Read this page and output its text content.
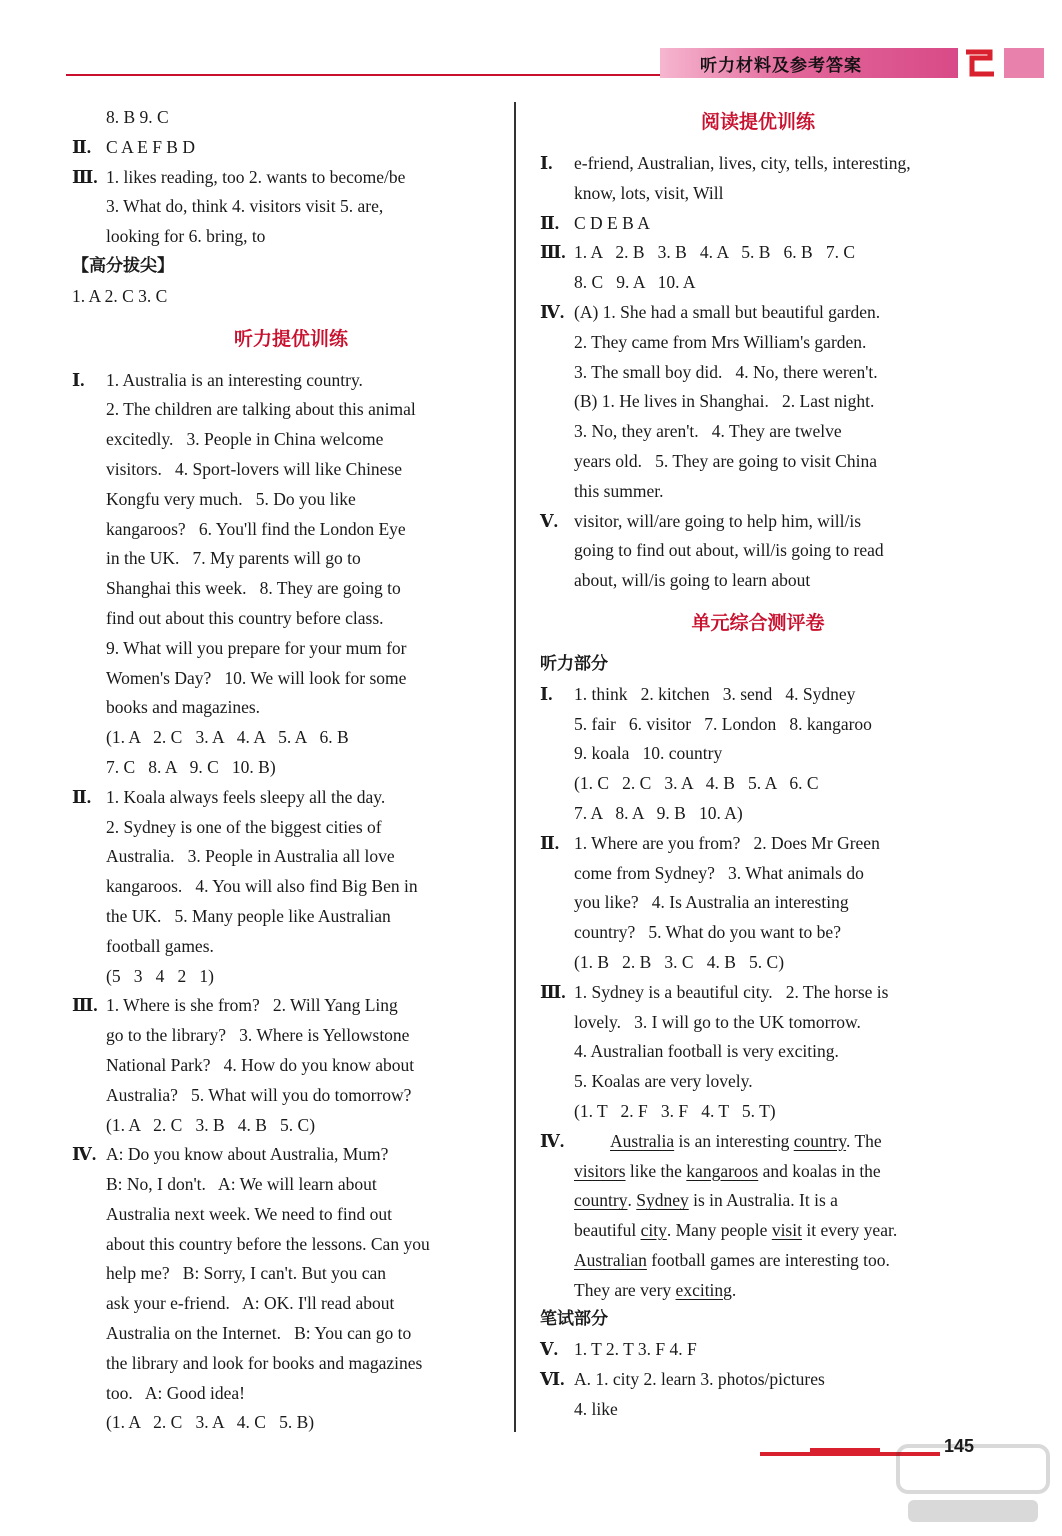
听力材料及参考答案
8. B 9. C
Ⅱ. C A E F B D
Ⅲ. 1. likes reading, too 2. wants to become/be
3. What do, think 4. visitors visit 5. are,
looking for 6. bring, to
【高分拔尖】
1. A 2. C 3. C
听力提优训练
Ⅰ.	1. Australia is an interesting country.
2. The children are talking about this animal
excitedly.   3. People in China welcome
visitors.   4. Sport-lovers will like Chinese
Kongfu very much.   5. Do you like
kangaroos?   6. You'll find the London Eye
in the UK.   7. My parents will go to
Shanghai this week.   8. They are going to
find out about this country before class.
9. What will you prepare for your mum for
Women's Day?   10. We will look for some
books and magazines.
(1. A   2. C   3. A   4. A   5. A   6. B
7. C   8. A   9. C   10. B)
Ⅱ. 1. Koala always feels sleepy all the day.
2. Sydney is one of the biggest cities of
Australia.   3. People in Australia all love
kangaroos.   4. You will also find Big Ben in
the UK.   5. Many people like Australian
football games.
(5   3   4   2   1)
Ⅲ. 1. Where is she from?   2. Will Yang Ling
go to the library?   3. Where is Yellowstone
National Park?   4. How do you know about
Australia?   5. What will you do tomorrow?
(1. A   2. C   3. B   4. B   5. C)
Ⅳ. A: Do you know about Australia, Mum?
B: No, I don't.   A: We will learn about
Australia next week. We need to find out
about this country before the lessons. Can you
help me?   B: Sorry, I can't. But you can
ask your e-friend.   A: OK. I'll read about
Australia on the Internet.   B: You can go to
the library and look for books and magazines
too.   A: Good idea!
(1. A   2. C   3. A   4. C   5. B)
阅读提优训练
Ⅰ.	e-friend, Australian, lives, city, tells, interesting,
know, lots, visit, Will
Ⅱ. C D E B A
Ⅲ. 1. A   2. B   3. B   4. A   5. B   6. B   7. C
8. C   9. A   10. A
Ⅳ. (A) 1. She had a small but beautiful garden.
2. They came from Mrs William's garden.
3. The small boy did.   4. No, there weren't.
(B) 1. He lives in Shanghai.   2. Last night.
3. No, they aren't.   4. They are twelve
years old.   5. They are going to visit China
this summer.
Ⅴ. visitor, will/are going to help him, will/is
going to find out about, will/is going to read
about, will/is going to learn about
单元综合测评卷
听力部分
Ⅰ.	1. think   2. kitchen   3. send   4. Sydney
5. fair   6. visitor   7. London   8. kangaroo
9. koala   10. country
(1. C   2. C   3. A   4. B   5. A   6. C
7. A   8. A   9. B   10. A)
Ⅱ. 1. Where are you from?   2. Does Mr Green
come from Sydney?   3. What animals do
you like?   4. Is Australia an interesting
country?   5. What do you want to be?
(1. B   2. B   3. C   4. B   5. C)
Ⅲ. 1. Sydney is a beautiful city.   2. The horse is
lovely.   3. I will go to the UK tomorrow.
4. Australian football is very exciting.
5. Koalas are very lovely.
(1. T   2. F   3. F   4. T   5. T)
Ⅳ.	Australia is an interesting country. The
visitors like the kangaroos and koalas in the
country . Sydney is in Australia. It is a
beautiful city . Many people visit it every year.
Australian football games are interesting too.
They are very exciting .
笔试部分
Ⅴ. 1. T 2. T 3. F 4. F
Ⅵ. A. 1. city 2. learn 3. photos/pictures
4. like
145
